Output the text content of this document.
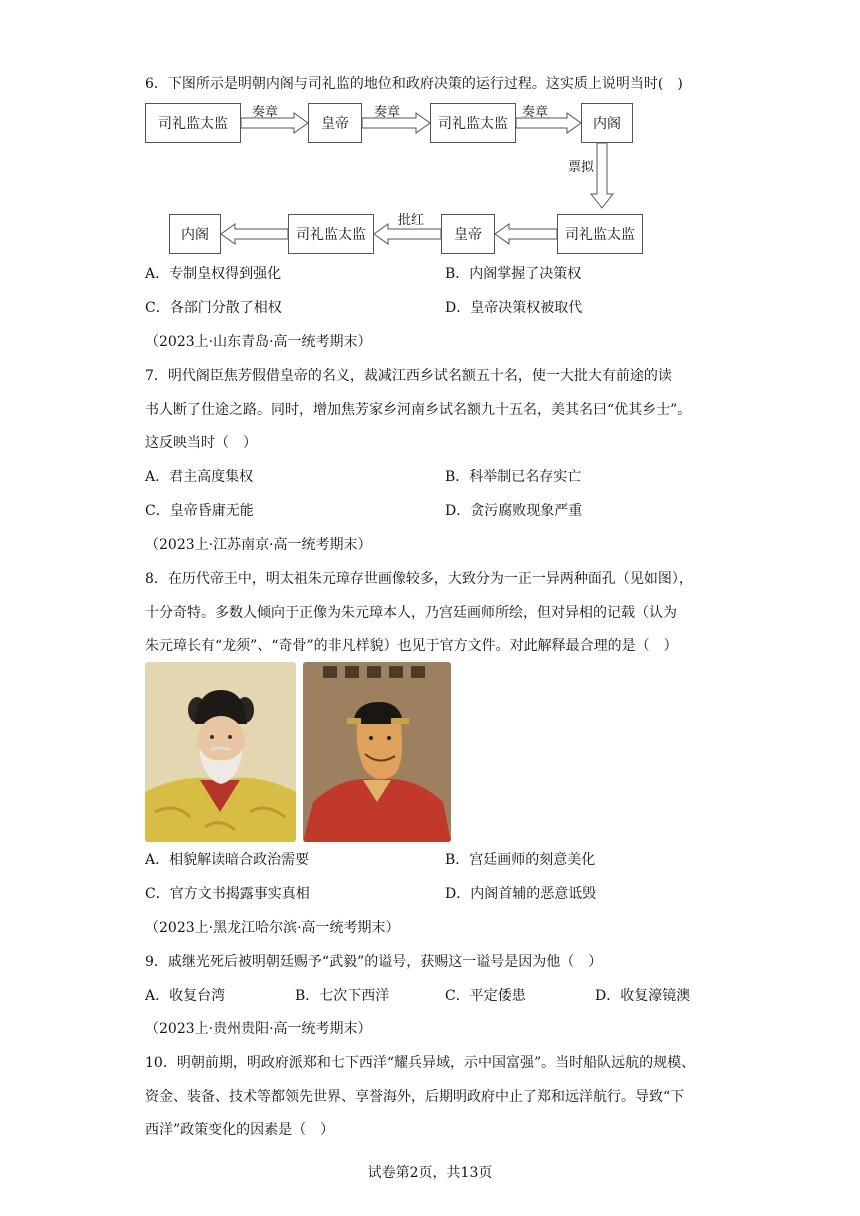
6．下图所示是明朝内阁与司礼监的地位和政府决策的运行过程。这实质上说明当时(　)
司礼监太监	皇帝	司礼监太监	内阁
奏章	奏章	奏章
票拟
内阁	司礼监太监	皇帝	司礼监太监
批红
A．专制皇权得到强化	B．内阁掌握了决策权
C．各部门分散了相权	D．皇帝决策权被取代
（2023上·山东青岛·高一统考期末）
7．明代阁臣焦芳假借皇帝的名义，裁减江西乡试名额五十名，使一大批大有前途的读
书人断了仕途之路。同时，增加焦芳家乡河南乡试名额九十五名，美其名曰“优其乡士”。
这反映当时（　）
A．君主高度集权	B．科举制已名存实亡
C．皇帝昏庸无能	D．贪污腐败现象严重
（2023上·江苏南京·高一统考期末）
8．在历代帝王中，明太祖朱元璋存世画像较多，大致分为一正一异两种面孔（见如图），
十分奇特。多数人倾向于正像为朱元璋本人，乃宫廷画师所绘，但对异相的记载（认为
朱元璋长有“龙须”、“奇骨”的非凡样貌）也见于官方文件。对此解释最合理的是（　）
A．相貌解读暗合政治需要	B．宫廷画师的刻意美化
C．官方文书揭露事实真相	D．内阁首辅的恶意诋毁
（2023上·黑龙江哈尔滨·高一统考期末）
9．戚继光死后被明朝廷赐予“武毅”的谥号，获赐这一谥号是因为他（　）
A．收复台湾	B．七次下西洋	C．平定倭患	D．收复濠镜澳
（2023上·贵州贵阳·高一统考期末）
10．明朝前期，明政府派郑和七下西洋“耀兵异域，示中国富强”。当时船队远航的规模、
资金、装备、技术等都领先世界、享誉海外，后期明政府中止了郑和远洋航行。导致“下
西洋”政策变化的因素是（　）
试卷第2页，共13页
